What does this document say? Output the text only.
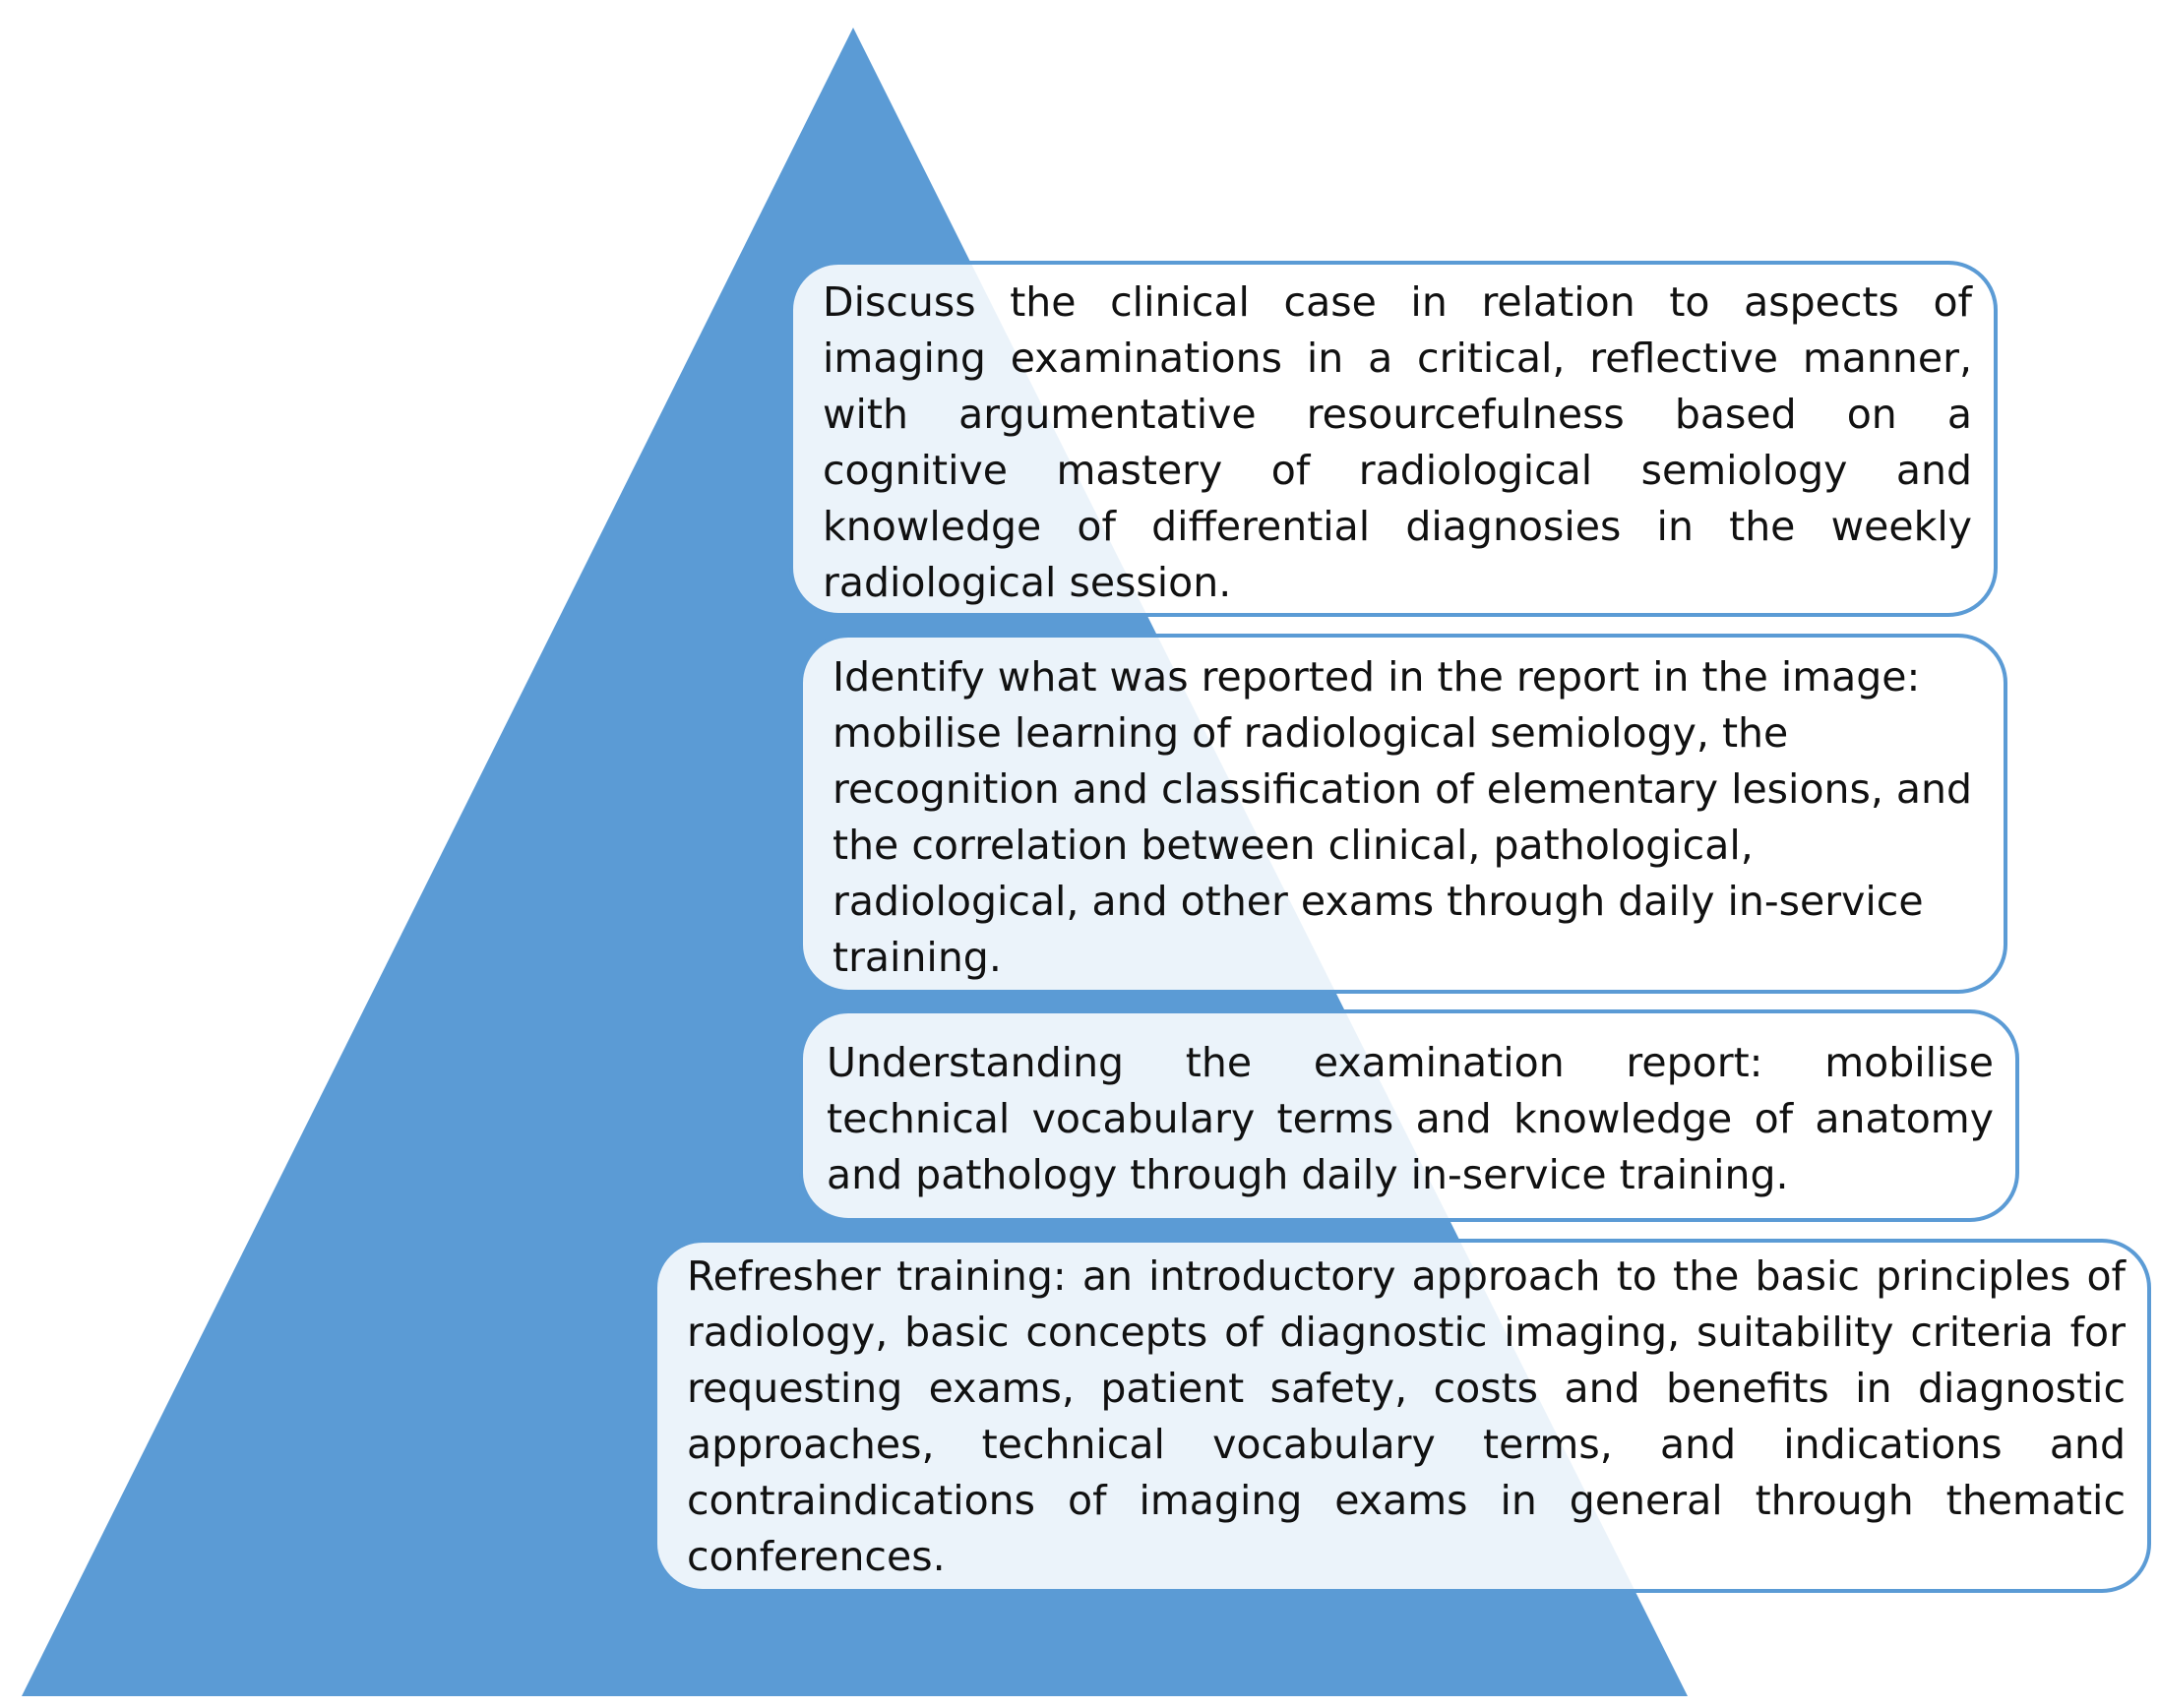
Discuss the clinical case in relation to aspects of imaging examinations in a critical, reflective manner, with argumentative resourcefulness based on a cognitive mastery of radiological semiology and knowledge of differential diagnosies in the weekly radiological session.

Identify what was reported in the report in the image: mobilise learning of radiological semiology, the recognition and classification of elementary lesions, and the correlation between clinical, pathological, radiological, and other exams through daily in-service training.

Understanding the examination report: mobilise technical vocabulary terms and knowledge of anatomy and pathology through daily in-service training.

Refresher training: an introductory approach to the basic principles of radiology, basic concepts of diagnostic imaging, suitability criteria for requesting exams, patient safety, costs and benefits in diagnostic approaches, technical vocabulary terms, and indications and contraindications of imaging exams in general through thematic conferences.
